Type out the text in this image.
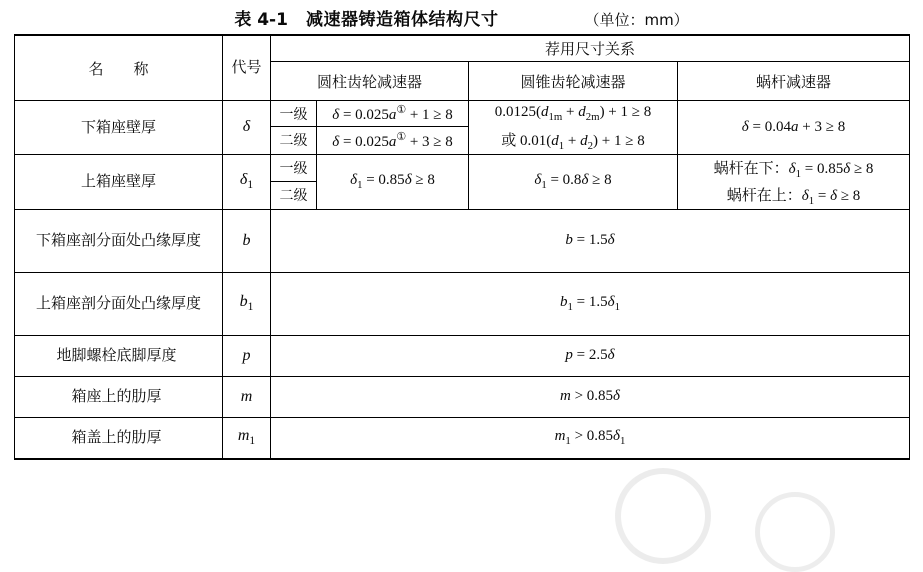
表 4-1 减速器铸造箱体结构尺寸	（单位：mm）
名　　称	代号	荐用尺寸关系			
		圆柱齿轮减速器		圆锥齿轮减速器	蜗杆减速器
下箱座壁厚	δ	一级	δ = 0.025a① + 1 ≥ 8	$0.0125(d_{1m} + d_{2m}) + 1 \ge 8$	δ = 0.04a + 3 ≥ 8
		二级	δ = 0.025a① + 3 ≥ 8	或 $0.01(d_1 + d_2) + 1 \ge 8$	
上箱座壁厚	$\delta_1$	一级	$\delta_1 = 0.85\delta \ge 8$	$\delta_1 = 0.8\delta \ge 8$	蜗杆在下：$\delta_1 = 0.85\delta \ge 8$
		二级			蜗杆在上：$\delta_1 = \delta \ge 8$
下箱座剖分面处凸缘厚度	b	b = 1.5δ			
上箱座剖分面处凸缘厚度	$b_1$	$b_1 = 1.5\delta_1$
地脚螺栓底脚厚度	p	p = 2.5δ			
箱座上的肋厚	m	m > 0.85δ			
箱盖上的肋厚	$m_1$	$m_1 > 0.85\delta_1$
